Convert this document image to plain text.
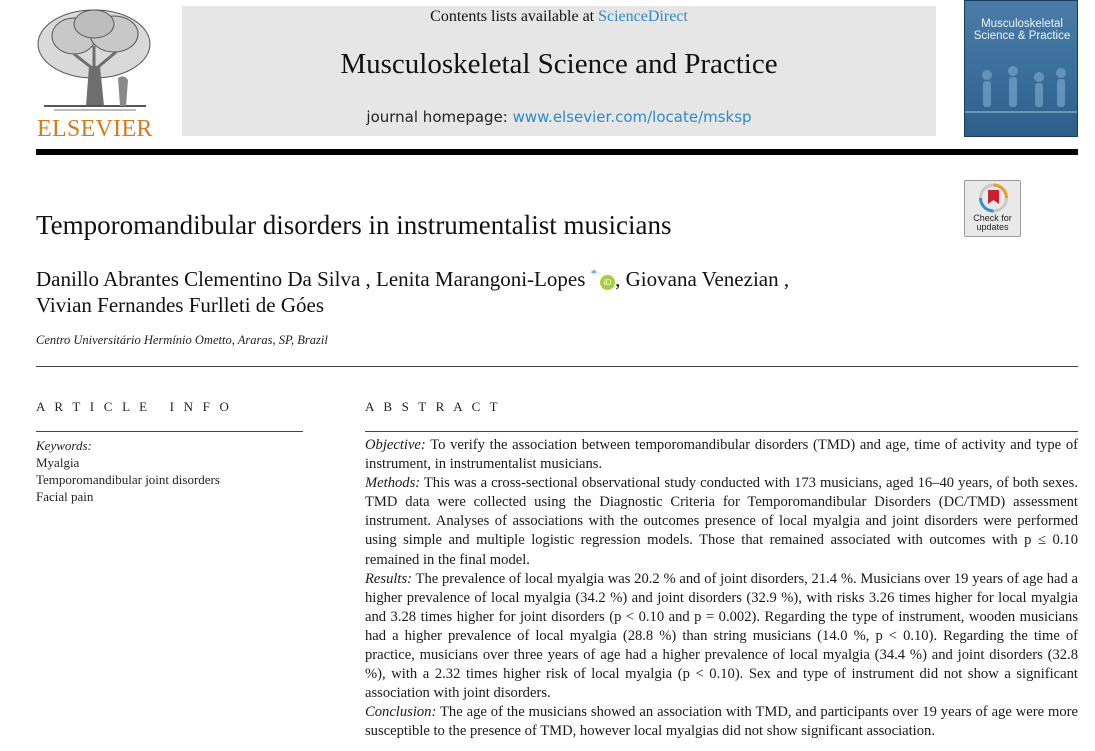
ELSEVIER
Contents lists available at ScienceDirect
Musculoskeletal Science and Practice
journal homepage: www.elsevier.com/locate/msksp
Musculoskeletal Science & Practice
Check for
updates
Temporomandibular disorders in instrumentalist musicians
Danillo Abrantes Clementino Da Silva , Lenita Marangoni-Lopes *iD , Giovana Venezian ,
Vivian Fernandes Furlleti de Góes
Centro Universitário Hermínio Ometto, Araras, SP, Brazil
A R T I C L E   I N F O
Keywords:
Myalgia
Temporomandibular joint disorders
Facial pain
A B S T R A C T

Objective: To verify the association between temporomandibular disorders (TMD) and age, time of activity and type of instrument, in instrumentalist musicians.

Methods: This was a cross-sectional observational study conducted with 173 musicians, aged 16–40 years, of both sexes. TMD data were collected using the Diagnostic Criteria for Temporomandibular Disorders (DC/TMD) assessment instrument. Analyses of associations with the outcomes presence of local myalgia and joint disorders were performed using simple and multiple logistic regression models. Those that remained associated with outcomes with p ≤ 0.10 remained in the final model.

Results: The prevalence of local myalgia was 20.2 % and of joint disorders, 21.4 %. Musicians over 19 years of age had a higher prevalence of local myalgia (34.2 %) and joint disorders (32.9 %), with risks 3.26 times higher for local myalgia and 3.28 times higher for joint disorders (p < 0.10 and p = 0.002). Regarding the type of instrument, wooden musicians had a higher prevalence of local myalgia (28.8 %) than string musicians (14.0 %, p < 0.10). Regarding the time of practice, musicians over three years of age had a higher prevalence of local myalgia (34.4 %) and joint disorders (32.8 %), with a 2.32 times higher risk of local myalgia (p < 0.10). Sex and type of instrument did not show a significant association with joint disorders.

Conclusion: The age of the musicians showed an association with TMD, and participants over 19 years of age were more susceptible to the presence of TMD, however local myalgias did not show significant association.
